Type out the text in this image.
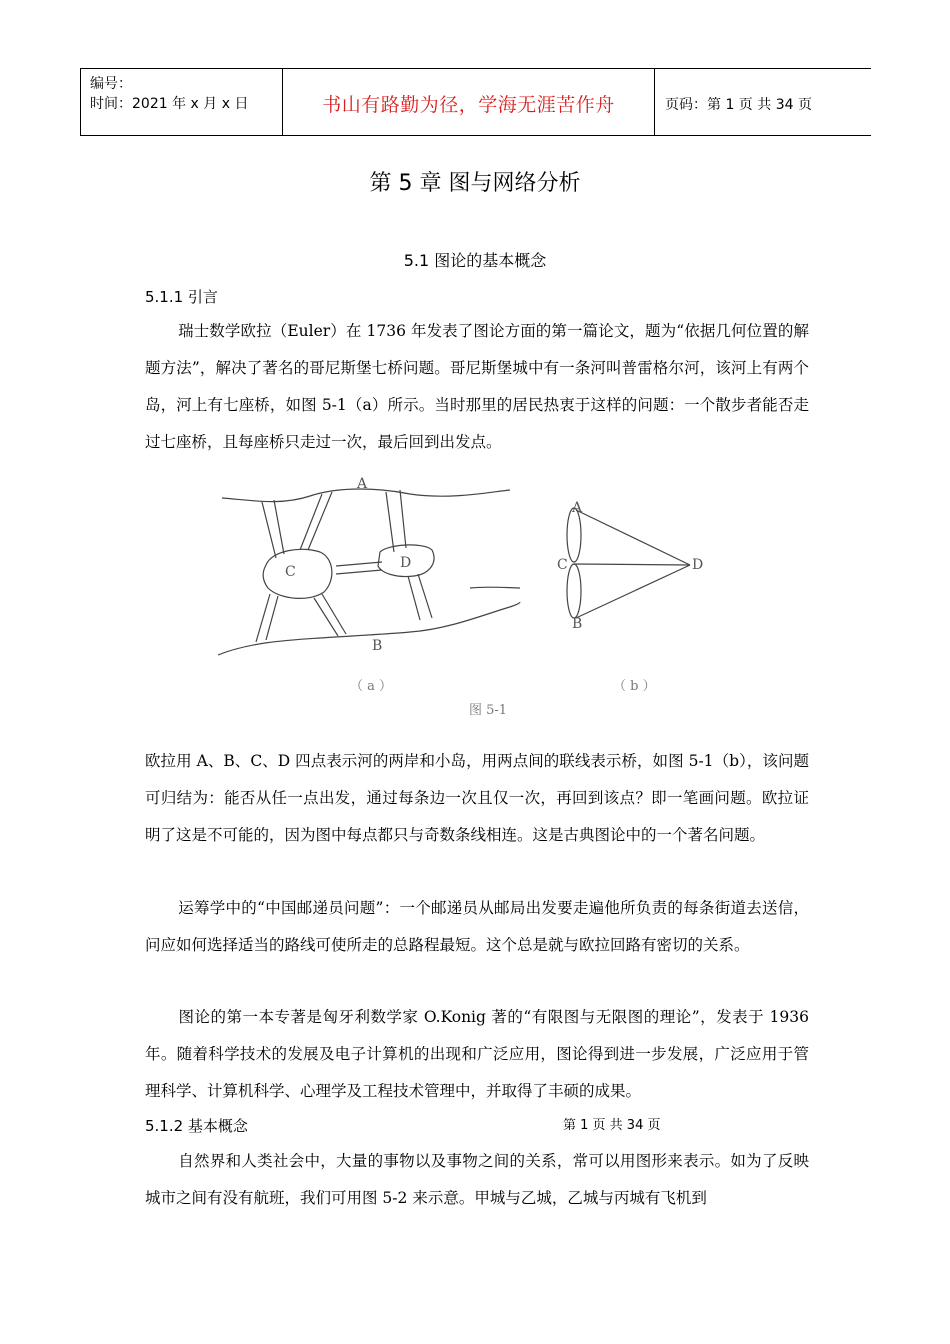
编号：
时间：2021 年 x 月 x 日	书山有路勤为径，学海无涯苦作舟	页码：第 1 页 共 34 页
第 5 章 图与网络分析
5.1 图论的基本概念
5.1.1 引言
瑞士数学欧拉（Euler）在 1736 年发表了图论方面的第一篇论文，题为“依据几何位置的解题方法”，解决了著名的哥尼斯堡七桥问题。哥尼斯堡城中有一条河叫普雷格尔河，该河上有两个岛，河上有七座桥，如图 5-1（a）所示。当时那里的居民热衷于这样的问题：一个散步者能否走过七座桥，且每座桥只走过一次，最后回到出发点。
A
B
C
D
A
B
C	D
（ a ）	（ b ）
图 5-1
欧拉用 A、B、C、D 四点表示河的两岸和小岛，用两点间的联线表示桥，如图 5-1（b），该问题可归结为：能否从任一点出发，通过每条边一次且仅一次，再回到该点？即一笔画问题。欧拉证明了这是不可能的，因为图中每点都只与奇数条线相连。这是古典图论中的一个著名问题。
运筹学中的“中国邮递员问题”：一个邮递员从邮局出发要走遍他所负责的每条街道去送信，问应如何选择适当的路线可使所走的总路程最短。这个总是就与欧拉回路有密切的关系。
图论的第一本专著是匈牙利数学家 O.Konig 著的“有限图与无限图的理论”，发表于 1936 年。随着科学技术的发展及电子计算机的出现和广泛应用，图论得到进一步发展，广泛应用于管理科学、计算机科学、心理学及工程技术管理中，并取得了丰硕的成果。
5.1.2 基本概念	第 1 页 共 34 页
自然界和人类社会中，大量的事物以及事物之间的关系，常可以用图形来表示。如为了反映城市之间有没有航班，我们可用图 5-2 来示意。甲城与乙城，乙城与丙城有飞机到
